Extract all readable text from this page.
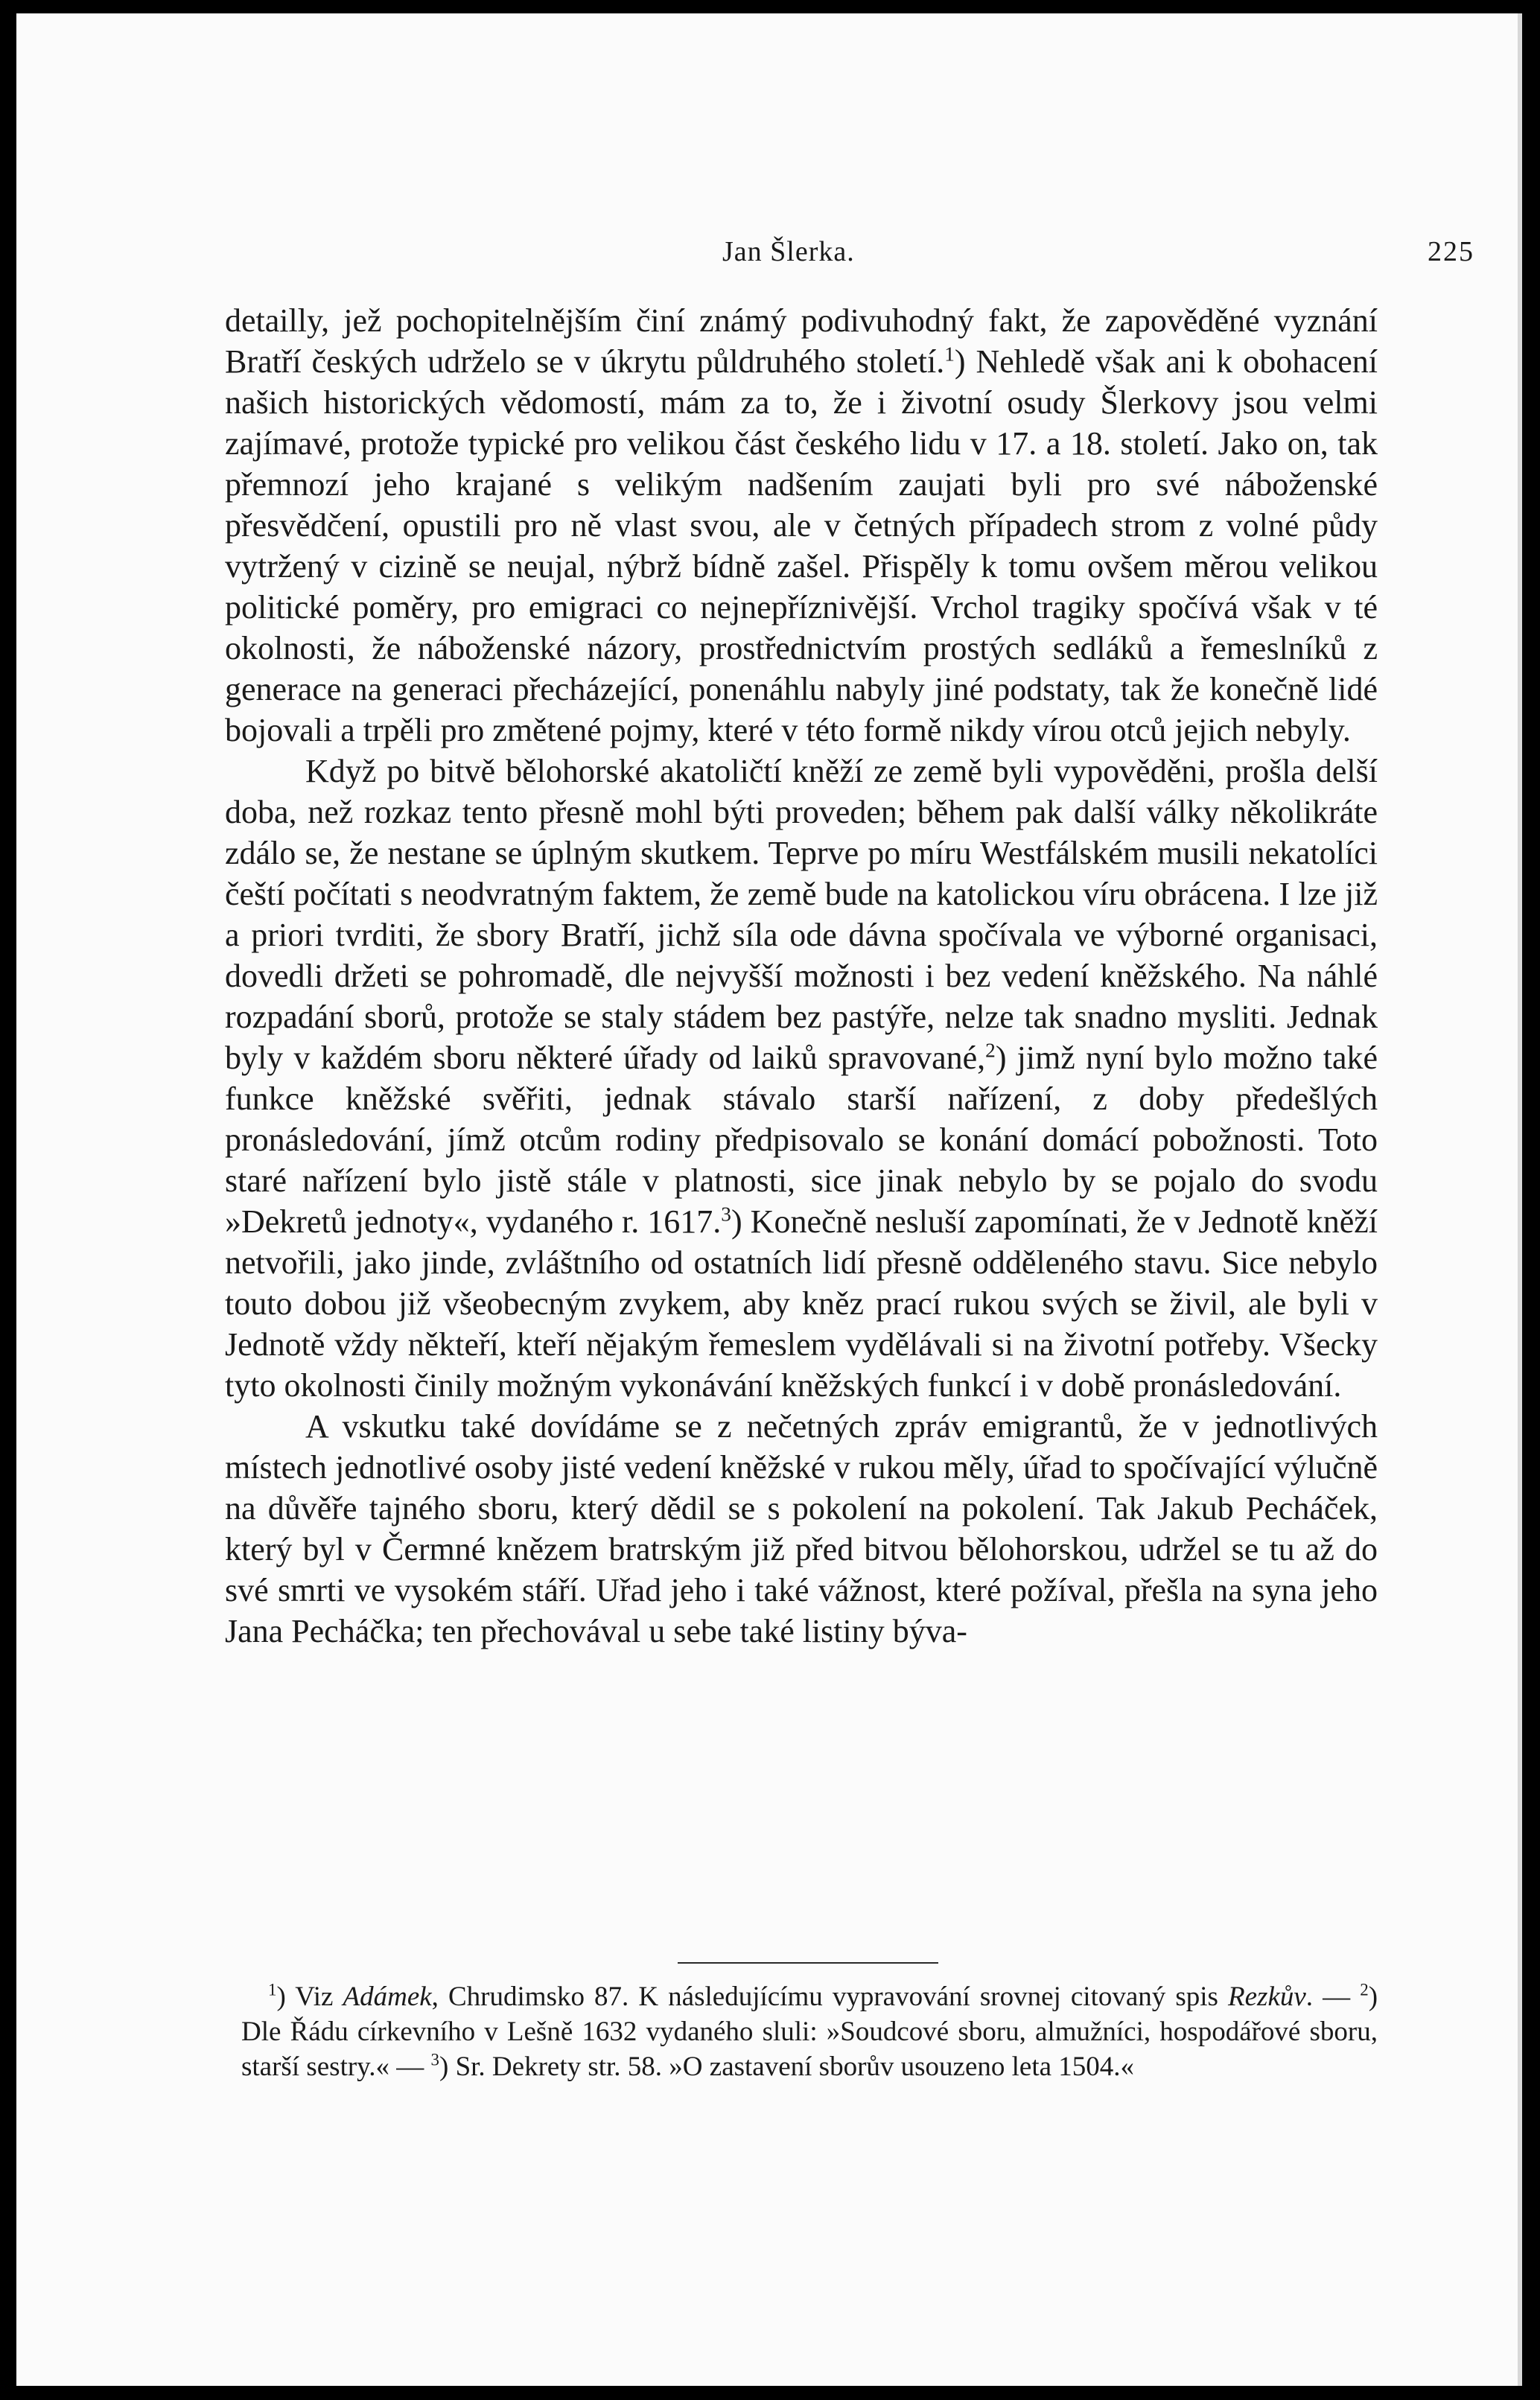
Jan Šlerka.	225

detailly, jež pochopitelnějším činí známý podivuhodný fakt, že zapověděné vyznání Bratří českých udrželo se v úkrytu půldruhého století.$^1$) Nehledě však ani k obohacení našich historických vědomostí, mám za to, že i životní osudy Šlerkovy jsou velmi zajímavé, protože typické pro velikou část českého lidu v 17. a 18. století. Jako on, tak přemnozí jeho krajané s velikým nadšením zaujati byli pro své náboženské přesvědčení, opustili pro ně vlast svou, ale v četných případech strom z volné půdy vytržený v cizině se neujal, nýbrž bídně zašel. Přispěly k tomu ovšem měrou velikou politické poměry, pro emigraci co nejnepříznivější. Vrchol tragiky spočívá však v té okolnosti, že náboženské názory, prostřednictvím prostých sedláků a řemeslníků z generace na generaci přecházející, ponenáhlu nabyly jiné podstaty, tak že konečně lidé bojovali a trpěli pro změtené pojmy, které v této formě nikdy vírou otců jejich nebyly.

Když po bitvě bělohorské akatoličtí kněží ze země byli vypověděni, prošla delší doba, než rozkaz tento přesně mohl býti proveden; během pak další války několikráte zdálo se, že nestane se úplným skutkem. Teprve po míru Westfálském musili nekatolíci čeští počítati s neodvratným faktem, že země bude na katolickou víru obrácena. I lze již a priori tvrditi, že sbory Bratří, jichž síla ode dávna spočívala ve výborné organisaci, dovedli držeti se pohromadě, dle nejvyšší možnosti i bez vedení kněžského. Na náhlé rozpadání sborů, protože se staly stádem bez pastýře, nelze tak snadno mysliti. Jednak byly v každém sboru některé úřady od laiků spravované,$^2$) jimž nyní bylo možno také funkce kněžské svěřiti, jednak stávalo starší nařízení, z doby předešlých pronásledování, jímž otcům rodiny předpisovalo se konání domácí pobožnosti. Toto staré nařízení bylo jistě stále v platnosti, sice jinak nebylo by se pojalo do svodu »Dekretů jednoty«, vydaného r. 1617.$^3$) Konečně nesluší zapomínati, že v Jednotě kněží netvořili, jako jinde, zvláštního od ostatních lidí přesně odděleného stavu. Sice nebylo touto dobou již všeobecným zvykem, aby kněz prací rukou svých se živil, ale byli v Jednotě vždy někteří, kteří nějakým řemeslem vydělávali si na životní potřeby. Všecky tyto okolnosti činily možným vykonávání kněžských funkcí i v době pronásledování.

A vskutku také dovídáme se z nečetných zpráv emigrantů, že v jednotlivých místech jednotlivé osoby jisté vedení kněžské v rukou měly, úřad to spočívající výlučně na důvěře tajného sboru, který dědil se s pokolení na pokolení. Tak Jakub Pecháček, který byl v Čermné knězem bratrským již před bitvou bělohorskou, udržel se tu až do své smrti ve vysokém stáří. Uřad jeho i také vážnost, které požíval, přešla na syna jeho Jana Pecháčka; ten přechovával u sebe také listiny býva-

$^1$) Viz Adámek, Chrudimsko 87. K následujícímu vypravování srovnej citovaný spis Rezkův. — $^2$) Dle Řádu církevního v Lešně 1632 vydaného sluli: »Soudcové sboru, almužníci, hospodářové sboru, starší sestry.« — $^3$) Sr. Dekrety str. 58. »O zastavení sborův usouzeno leta 1504.«
